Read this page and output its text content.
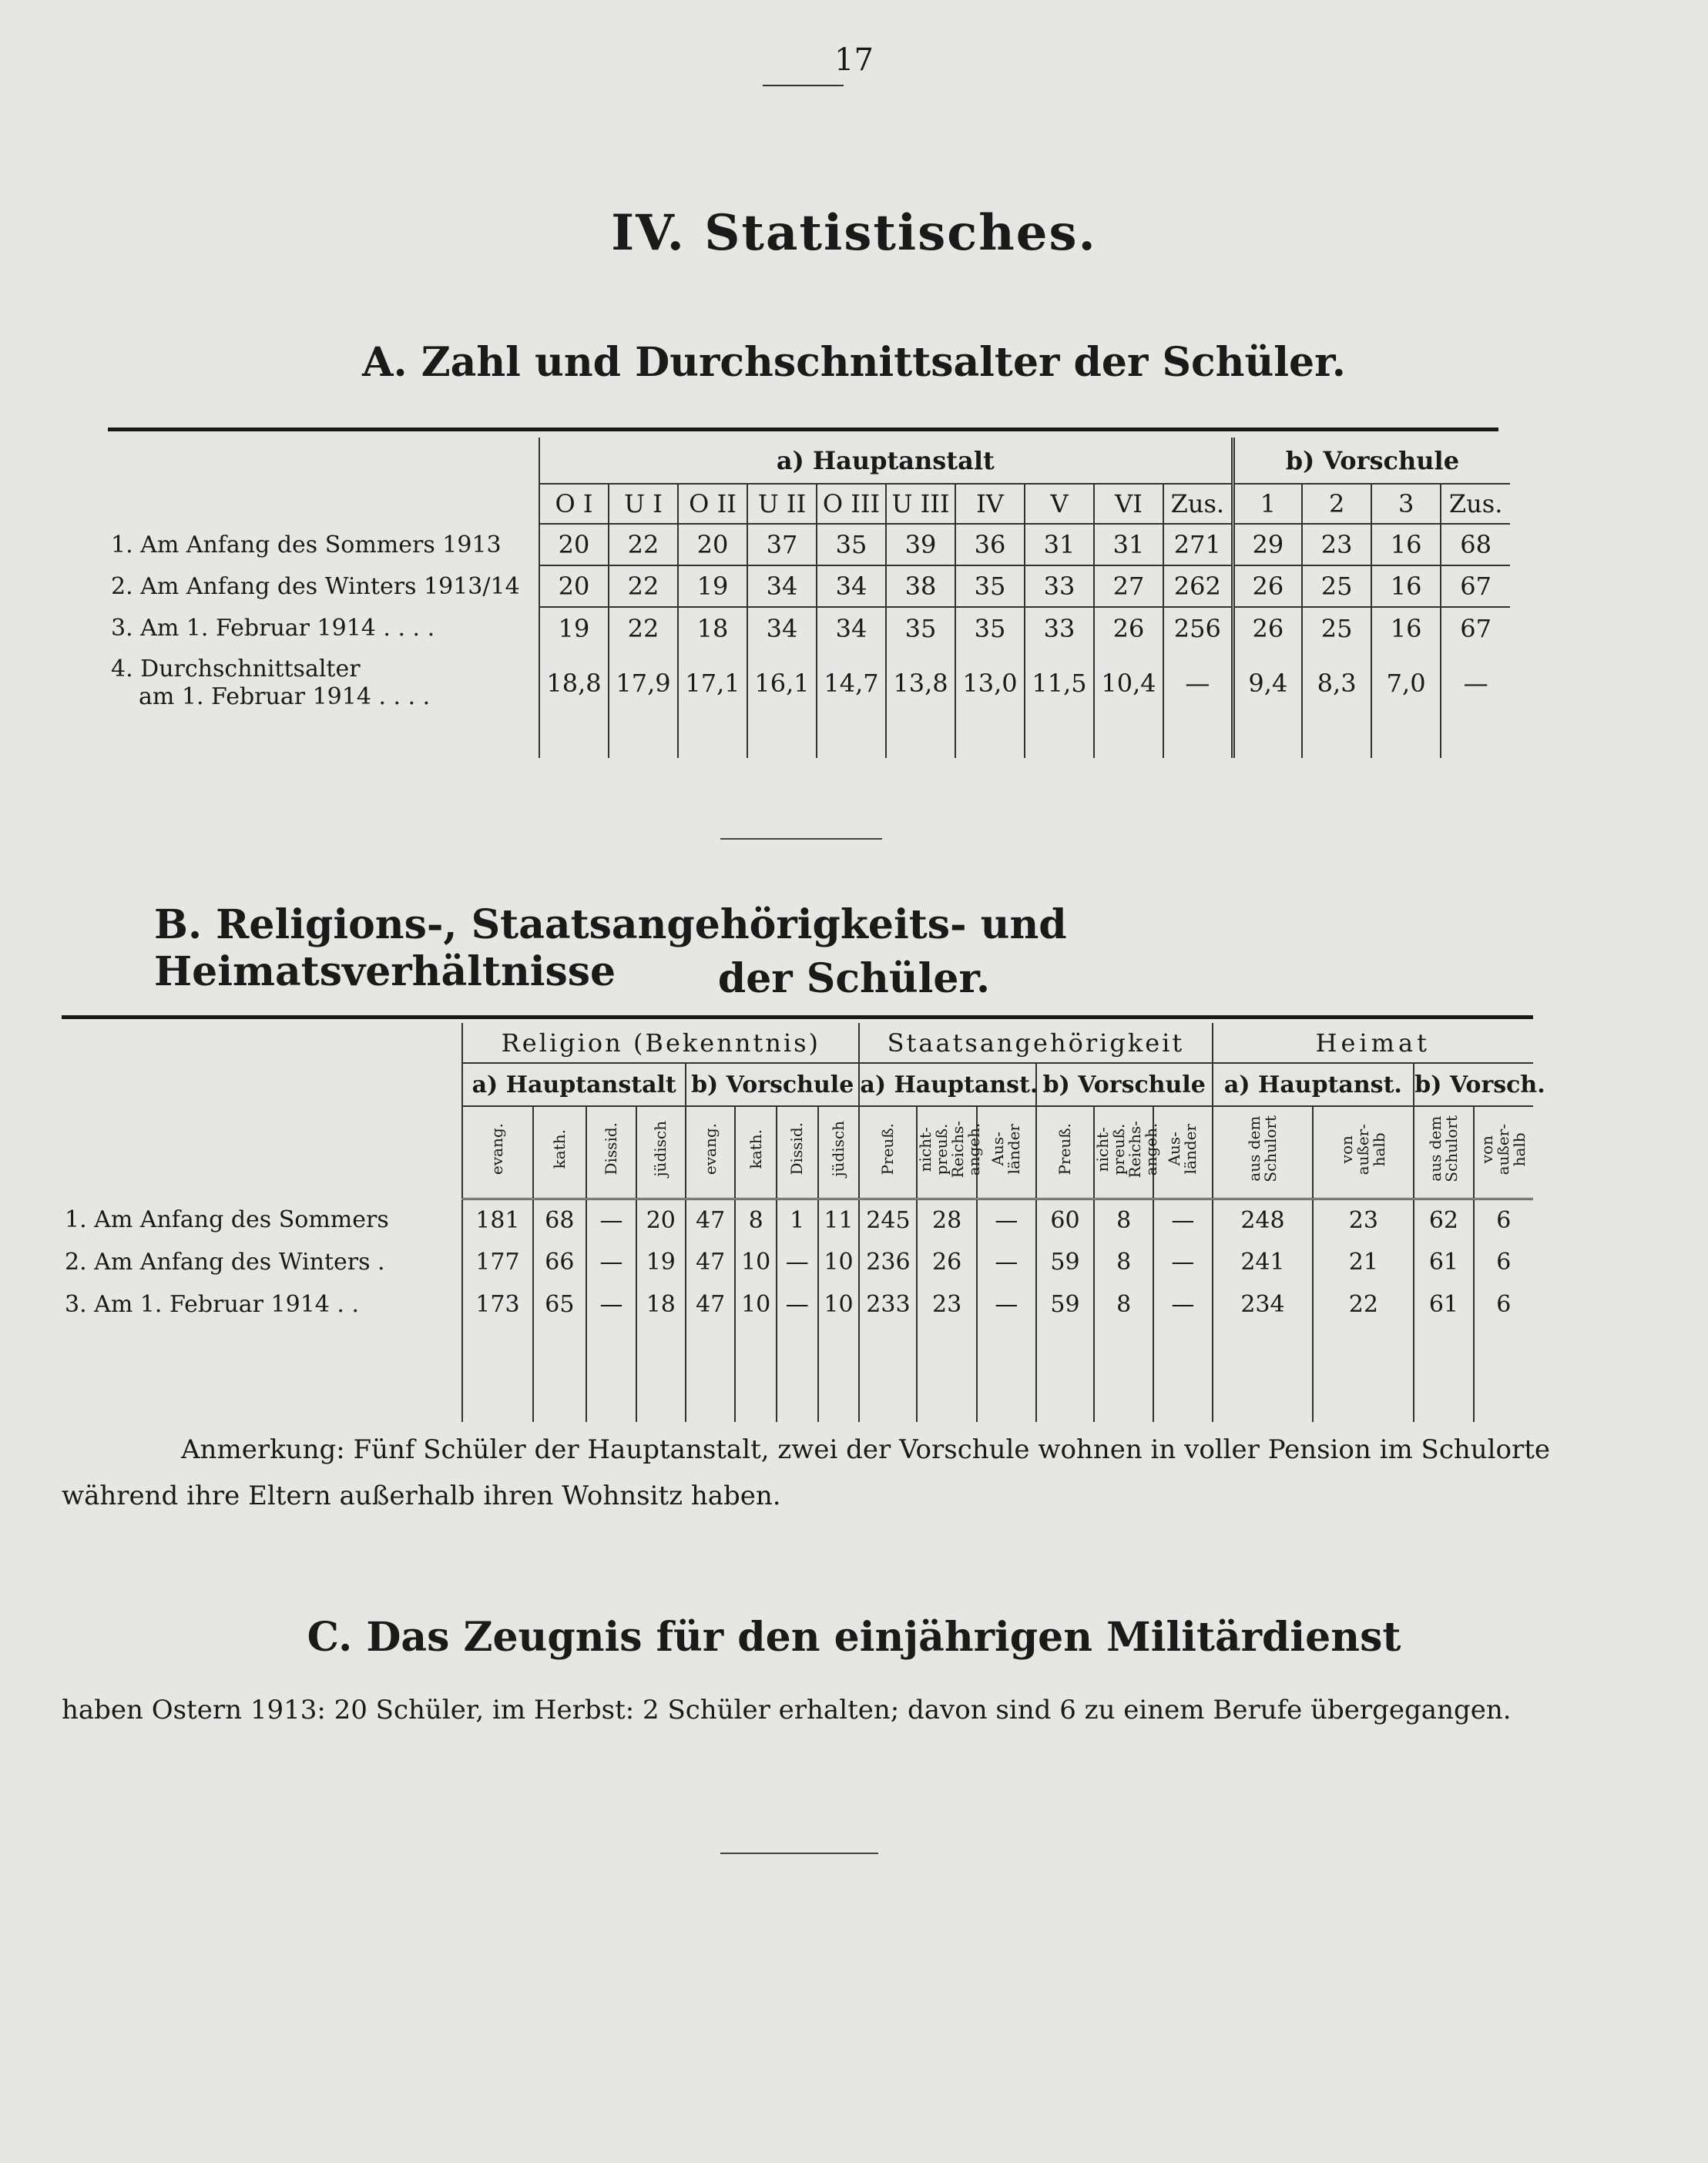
17
IV. Statistisches.
A. Zahl und Durchschnittsalter der Schüler.
	a) Hauptanstalt										b) Vorschule			
	O I	U I	O II	U II	O III	U III	IV	V	VI	Zus.	1	2	3	Zus.

1. Am Anfang des Sommers 1913	20	22	20	37	35	39	36	31	31	271	29	23	16	68

2. Am Anfang des Winters 1913/14	20	22	19	34	34	38	35	33	27	262	26	25	16	67

3. Am 1. Februar 1914 . . . .	19	22	18	34	34	35	35	33	26	256	26	25	16	67

4. Durchschnittsalter
am 1. Februar 1914 . . . .	18,8	17,9	17,1	16,1	14,7	13,8	13,0	11,5	10,4	—	9,4	8,3	7,0	—

B. Religions-, Staatsangehörigkeits- und Heimatsverhältnisse	der Schüler.
	Religion (Bekenntnis)								Staatsangehörigkeit						Heimat			
	a) Hauptanstalt				b) Vorschule				a) Hauptanst.			b) Vorschule			a) Hauptanst.		b) Vorsch.	
	evang.	kath.	Dissid.	jüdisch	evang.	kath.	Dissid.	jüdisch	Preuß.	nicht-
preuß.
Reichs-
angeh.	Aus-
länder	Preuß.	nicht-
preuß.
Reichs-
angeh.	Aus-
länder	aus dem
Schulort	von
außer-
halb	aus dem
Schulort	von
außer-
halb
1. Am Anfang des Sommers	181	68	—	20	47	8	1	11	245	28	—	60	8	—	248	23	62	6
2. Am Anfang des Winters .	177	66	—	19	47	10	—	10	236	26	—	59	8	—	241	21	61	6
3. Am 1. Februar 1914 . .	173	65	—	18	47	10	—	10	233	23	—	59	8	—	234	22	61	6

Anmerkung: Fünf Schüler der Hauptanstalt, zwei der Vorschule wohnen in voller Pension im Schulorte
während ihre Eltern außerhalb ihren Wohnsitz haben.
C. Das Zeugnis für den einjährigen Militärdienst
haben Ostern 1913: 20 Schüler, im Herbst: 2 Schüler erhalten; davon sind 6 zu einem Berufe übergegangen.
